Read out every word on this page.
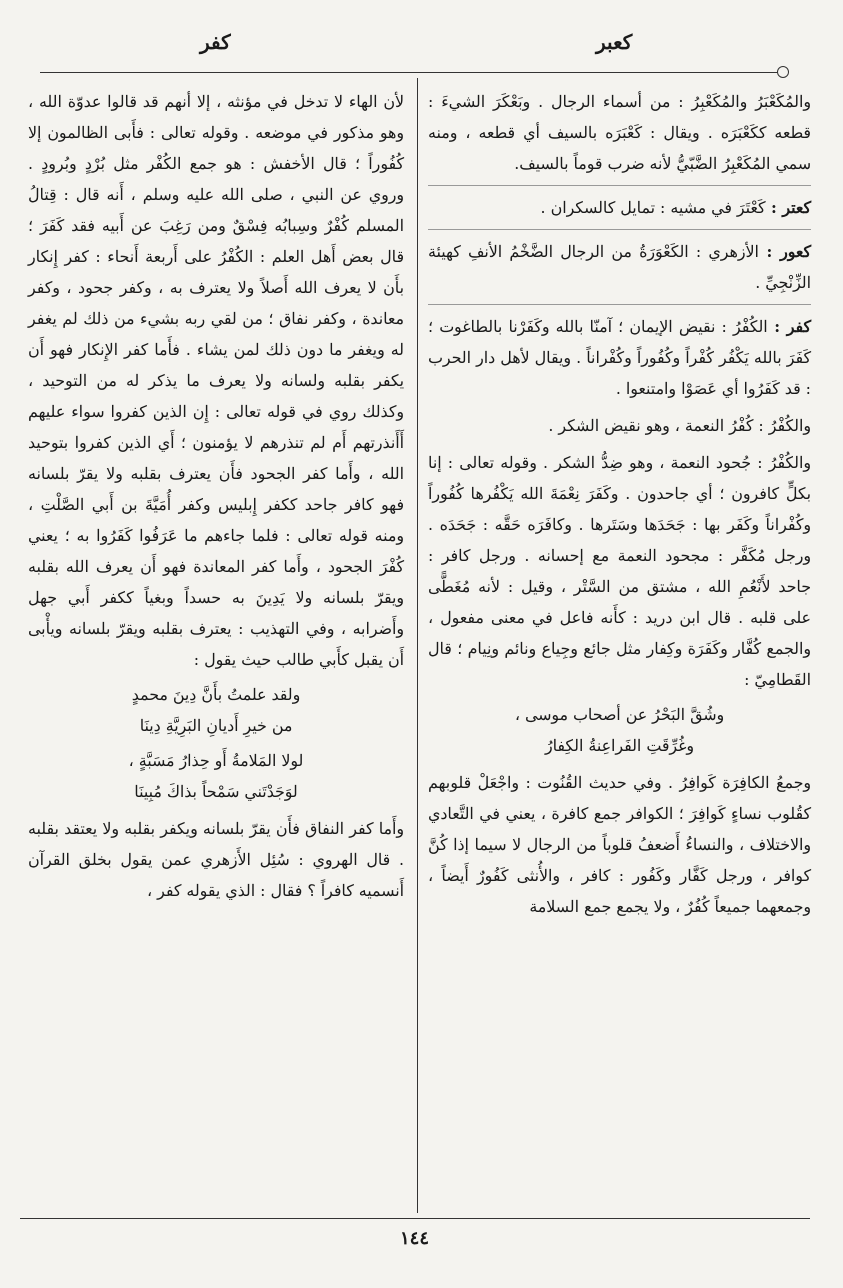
كعبر
كفر

والمُكَعْبَرُ والمُكَعْبِرُ : من أسماء الرجال . وبَعْكَرَ الشيءَ : قطعه ككَعْبَرَه . ويقال : كَعْبَرَه بالسيف أي قطعه ، ومنه سمي المُكَعْبِرُ الضَّبّيُّ لأنه ضرب قوماً بالسيف.

كعتر : كَعْتَرَ في مشيه : تمايل كالسكران .

كعور : الأزهري : الكَعْوَرَةُ من الرجال الضَّخْمُ الأنفِ كهيئة الزِّنْجِيِّ .

كفر : الكُفْرُ : نقيض الإيمان ؛ آمنّا بالله وكَفَرْنا بالطاغوت ؛ كَفَرَ بالله يَكْفُر كُفْراً وكُفُوراً وكُفْراناً . ويقال لأهل دار الحرب : قد كَفَرُوا أي عَصَوْا وامتنعوا .

والكُفْرُ : كُفْرُ النعمة ، وهو نقيض الشكر .

والكُفْرُ : جُحود النعمة ، وهو ضِدُّ الشكر . وقوله تعالى : إنا بكلٍّ كافرون ؛ أي جاحدون . وكَفَرَ نِعْمَةَ الله يَكْفُرها كُفُوراً وكُفْراناً وكَفَر بها : جَحَدَها وسَتَرها . وكافَرَه حَقَّه : جَحَدَه . ورجل مُكَفَّر : مجحود النعمة مع إحسانه . ورجل كافر : جاحد لأَنْعُمِ الله ، مشتق من السَّتْر ، وقيل : لأنه مُغَطًّى على قلبه . قال ابن دريد : كأَنه فاعل في معنى مفعول ، والجمع كُفَّار وكَفَرَة وكِفار مثل جائع وجِياع ونائم ونِيام ؛ قال القَطامِيّ :

وشُقَّ البَحْرُ عن أصحاب موسى ،
وغُرِّقَتِ الفَراعِنةُ الكِفارُ

وجمعُ الكافِرَة كَوافِرُ . وفي حديث القُنُوت : واجْعَلْ قلوبهم كقُلوب نساءٍ كَوافِرَ ؛ الكوافر جمع كافرة ، يعني في التَّعادي والاختلاف ، والنساءُ أَضعفُ قلوباً من الرجال لا سيما إذا كُنَّ كوافر ، ورجل كَفَّار وكَفُور : كافر ، والأُنثى كَفُورٌ أَيضاً ، وجمعهما جميعاً كُفُرٌ ، ولا يجمع جمع السلامة

لأن الهاء لا تدخل في مؤنثه ، إلا أنهم قد قالوا عدوّة الله ، وهو مذكور في موضعه . وقوله تعالى : فأَبى الظالمون إلا كُفُوراً ؛ قال الأخفش : هو جمع الكُفْر مثل بُرْدٍ وبُرودٍ . وروي عن النبي ، صلى الله عليه وسلم ، أَنه قال : قِتالُ المسلم كُفْرٌ وسِبابُه فِسْقٌ ومن رَغِبَ عن أَبيه فقد كَفَرَ ؛ قال بعض أَهل العلم : الكُفْرُ على أَربعة أَنحاء : كفر إِنكار بأَن لا يعرف الله أَصلاً ولا يعترف به ، وكفر جحود ، وكفر معاندة ، وكفر نفاق ؛ من لقي ربه بشيء من ذلك لم يغفر له ويغفر ما دون ذلك لمن يشاء . فأَما كفر الإِنكار فهو أَن يكفر بقلبه ولسانه ولا يعرف ما يذكر له من التوحيد ، وكذلك روي في قوله تعالى : إِن الذين كفروا سواء عليهم أَأَنذرتهم أَم لم تنذرهم لا يؤمنون ؛ أَي الذين كفروا بتوحيد الله ، وأَما كفر الجحود فأَن يعترف بقلبه ولا يقرّ بلسانه فهو كافر جاحد ككفر إِبليس وكفر أُمَيَّةَ بن أَبي الصَّلْتِ ، ومنه قوله تعالى : فلما جاءهم ما عَرَفُوا كَفَرُوا به ؛ يعني كُفْرَ الجحود ، وأَما كفر المعاندة فهو أَن يعرف الله بقلبه ويقرّ بلسانه ولا يَدِينَ به حسداً وبغياً ككفر أَبي جهل وأَضرابه ، وفي التهذيب : يعترف بقلبه ويقرّ بلسانه ويأْبى أَن يقبل كأَبي طالب حيث يقول :

ولقد علمتُ بأَنَّ دِينَ محمدٍ
من خيرِ أَديانِ البَرِيَّةِ دِينَا
لولا المَلامةُ أَو حِذارُ مَسَبَّةٍ ،
لوَجَدْتَني سَمْحاً بذاكَ مُبِينَا

وأَما كفر النفاق فأَن يقرّ بلسانه ويكفر بقلبه ولا يعتقد بقلبه . قال الهروي : سُئِل الأَزهري عمن يقول بخلق القرآن أَنسميه كافراً ؟ فقال : الذي يقوله كفر ،

١٤٤
